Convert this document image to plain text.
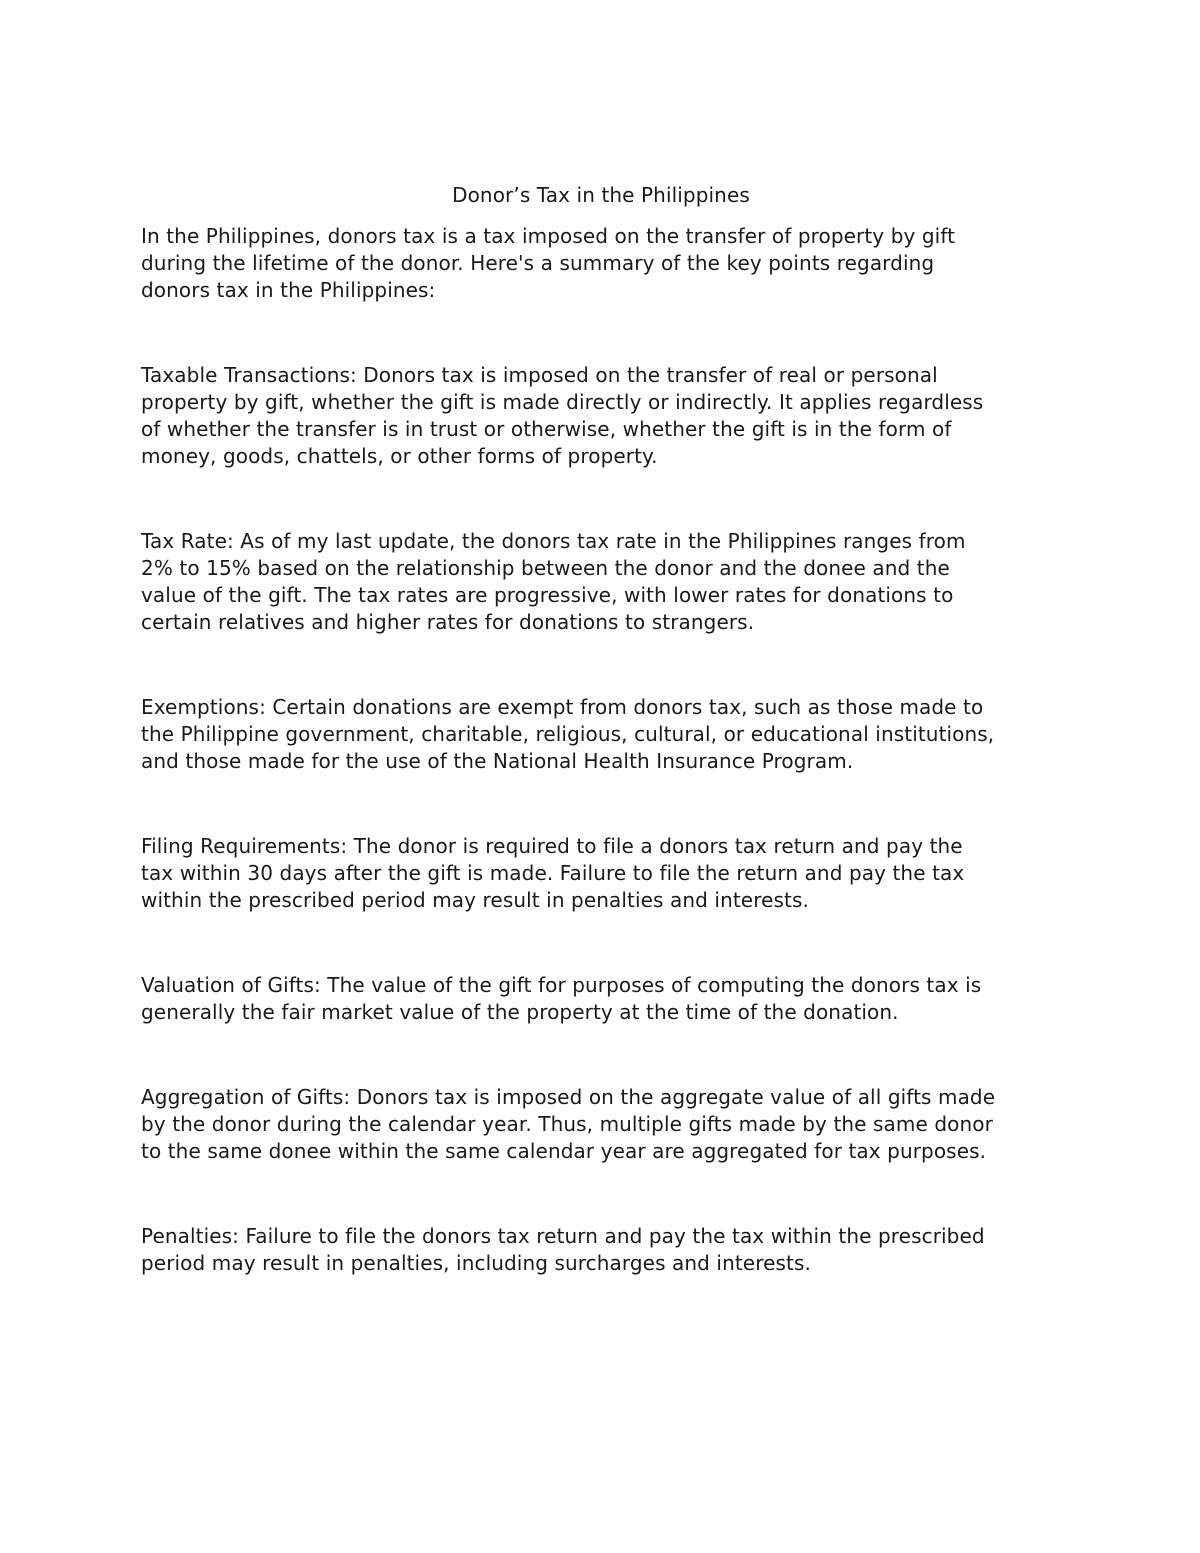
Donor’s Tax in the Philippines

In the Philippines, donors tax is a tax imposed on the transfer of property by gift
during the lifetime of the donor. Here's a summary of the key points regarding
donors tax in the Philippines:

Taxable Transactions: Donors tax is imposed on the transfer of real or personal
property by gift, whether the gift is made directly or indirectly. It applies regardless
of whether the transfer is in trust or otherwise, whether the gift is in the form of
money, goods, chattels, or other forms of property.

Tax Rate: As of my last update, the donors tax rate in the Philippines ranges from
2% to 15% based on the relationship between the donor and the donee and the
value of the gift. The tax rates are progressive, with lower rates for donations to
certain relatives and higher rates for donations to strangers.

Exemptions: Certain donations are exempt from donors tax, such as those made to
the Philippine government, charitable, religious, cultural, or educational institutions,
and those made for the use of the National Health Insurance Program.

Filing Requirements: The donor is required to file a donors tax return and pay the
tax within 30 days after the gift is made. Failure to file the return and pay the tax
within the prescribed period may result in penalties and interests.

Valuation of Gifts: The value of the gift for purposes of computing the donors tax is
generally the fair market value of the property at the time of the donation.

Aggregation of Gifts: Donors tax is imposed on the aggregate value of all gifts made
by the donor during the calendar year. Thus, multiple gifts made by the same donor
to the same donee within the same calendar year are aggregated for tax purposes.

Penalties: Failure to file the donors tax return and pay the tax within the prescribed
period may result in penalties, including surcharges and interests.
